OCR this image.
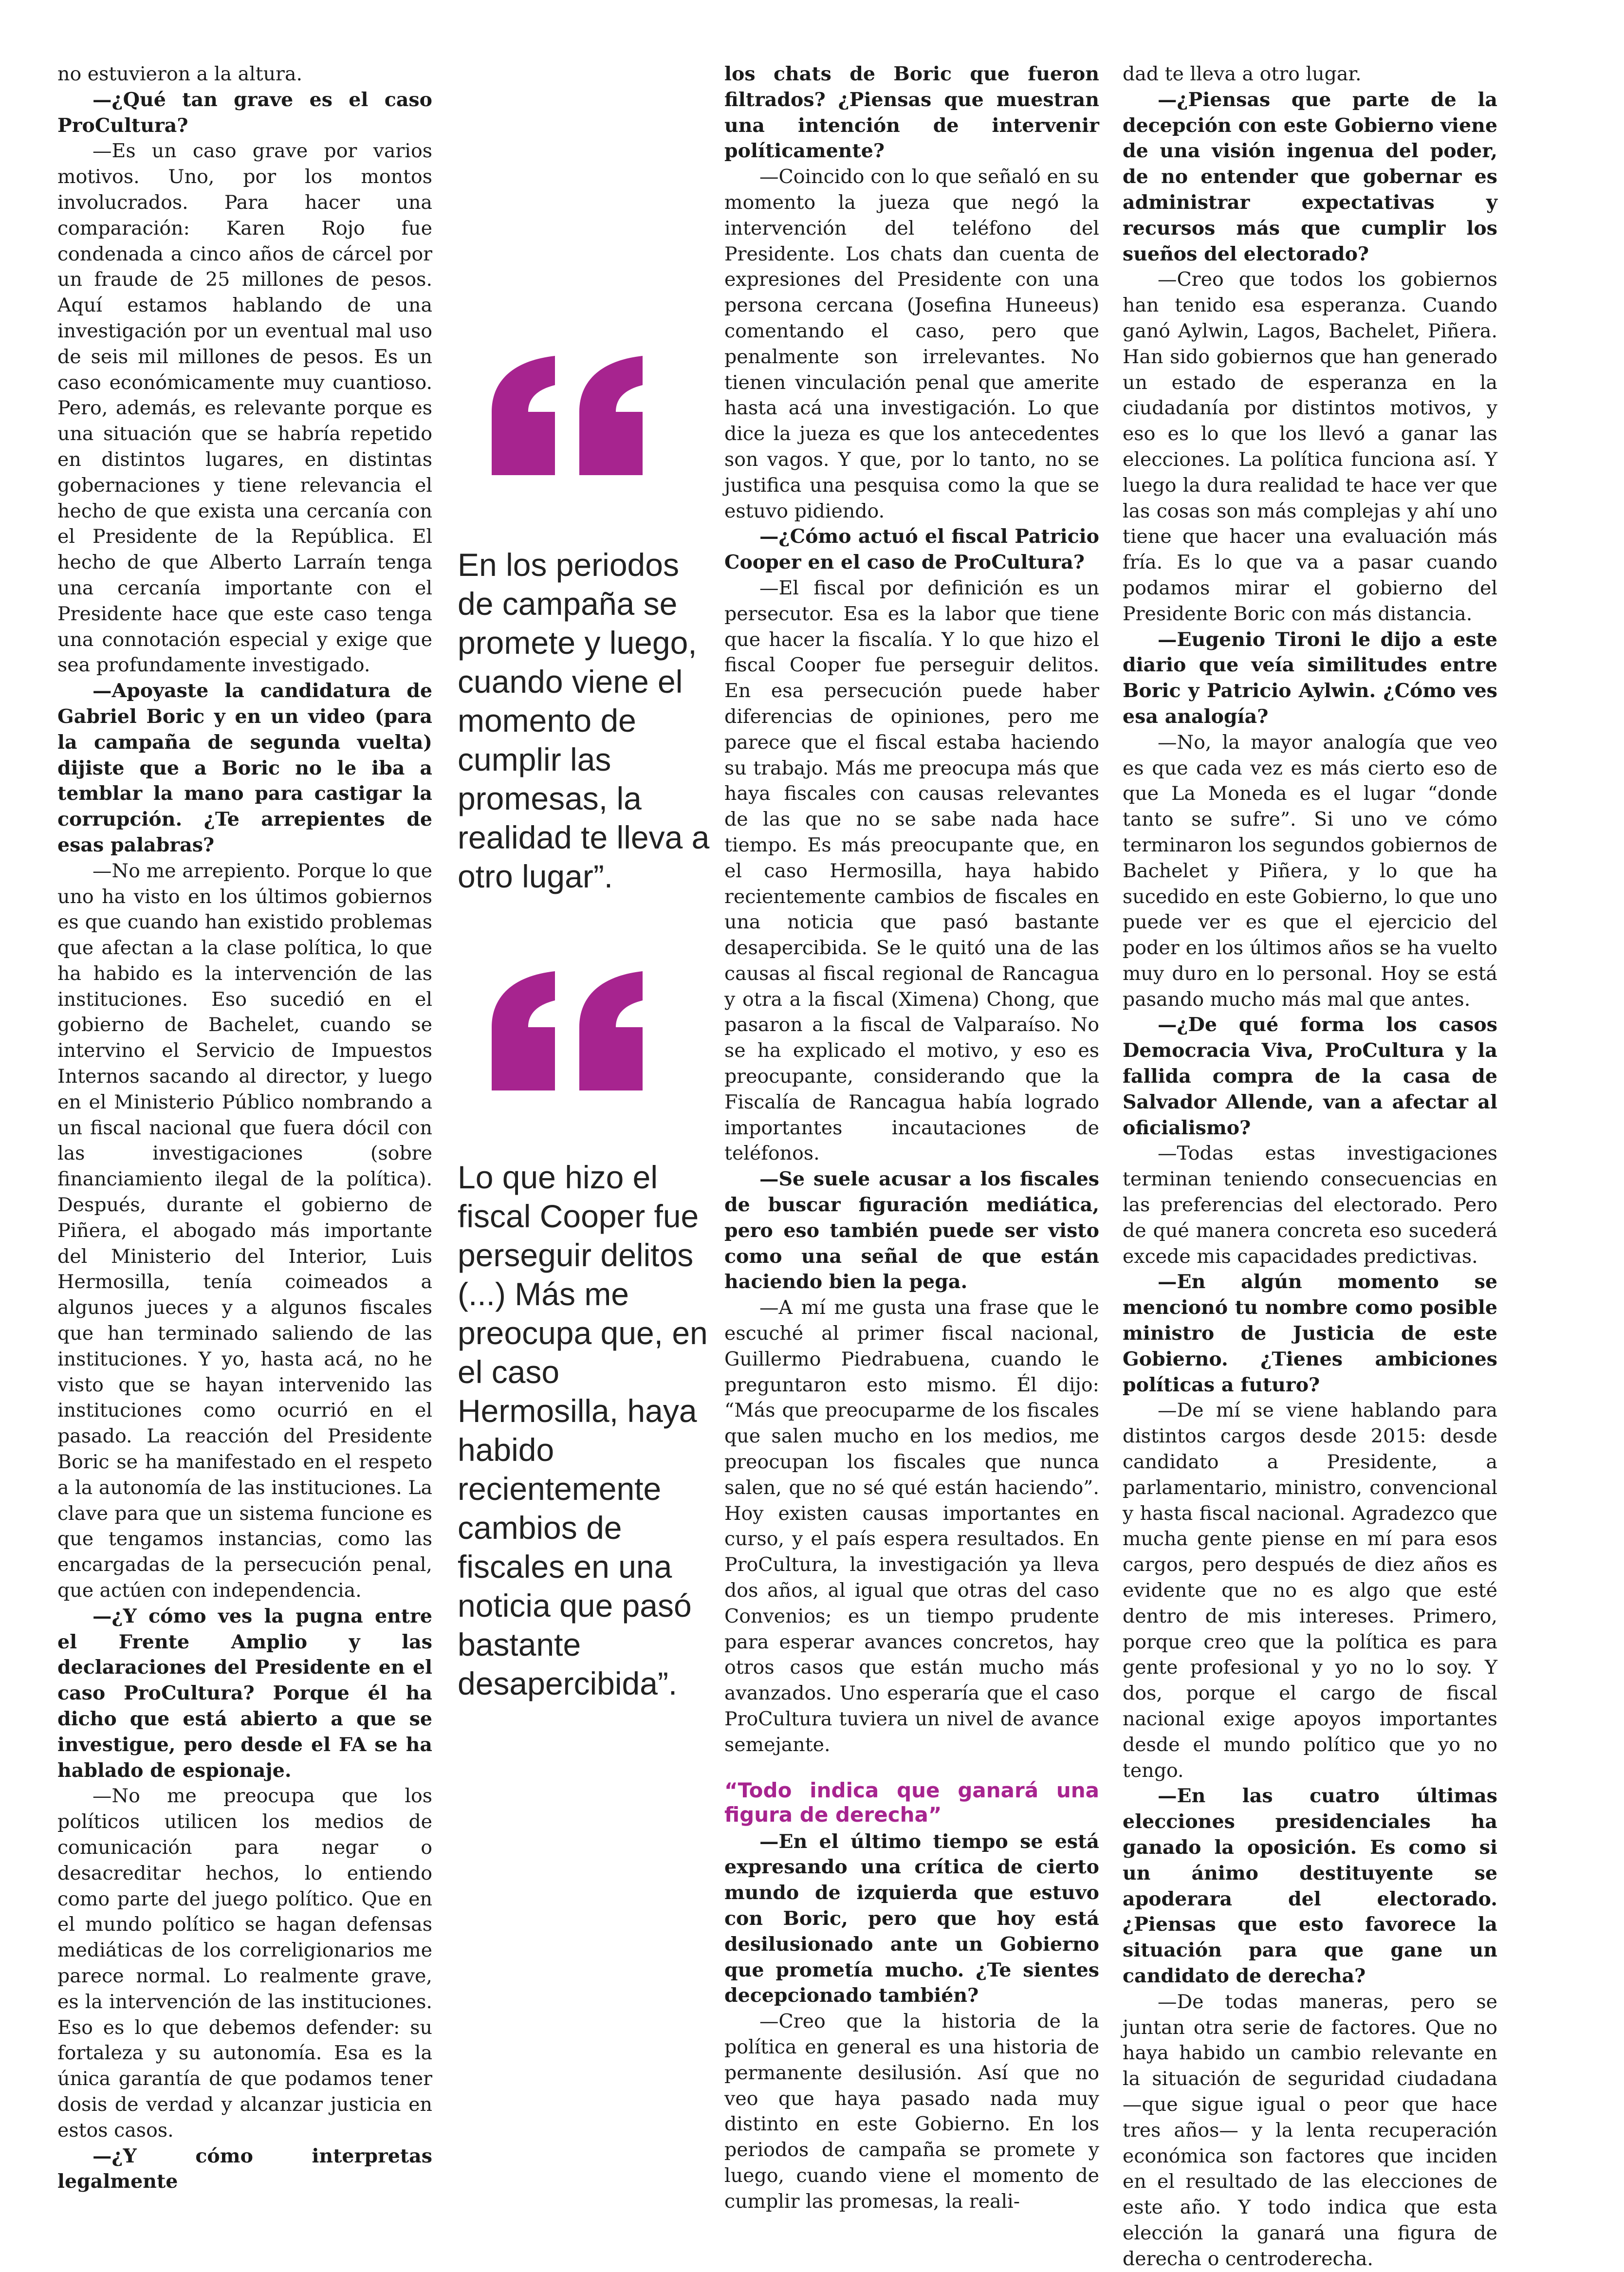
no estuvieron a la altura.

—¿Qué tan grave es el caso ProCultura?

—Es un caso grave por varios motivos. Uno, por los montos involucrados. Para hacer una comparación: Karen Rojo fue condenada a cinco años de cárcel por un fraude de 25 millones de pesos. Aquí estamos hablando de una investigación por un eventual mal uso de seis mil millones de pesos. Es un caso económicamente muy cuantioso. Pero, además, es relevante porque es una situación que se habría repetido en distintos lugares, en distintas gobernaciones y tiene relevancia el hecho de que exista una cercanía con el Presidente de la República. El hecho de que Alberto Larraín tenga una cercanía importante con el Presidente hace que este caso tenga una connotación especial y exige que sea profundamente investigado.

—Apoyaste la candidatura de Gabriel Boric y en un video (para la campaña de segunda vuelta) dijiste que a Boric no le iba a temblar la mano para castigar la corrupción. ¿Te arrepientes de esas palabras?

—No me arrepiento. Porque lo que uno ha visto en los últimos gobiernos es que cuando han existido problemas que afectan a la clase política, lo que ha habido es la intervención de las instituciones. Eso sucedió en el gobierno de Bachelet, cuando se intervino el Servicio de Impuestos Internos sacando al director, y luego en el Ministerio Público nombrando a un fiscal nacional que fuera dócil con las investigaciones (sobre financiamiento ilegal de la política). Después, durante el gobierno de Piñera, el abogado más importante del Ministerio del Interior, Luis Hermosilla, tenía coimeados a algunos jueces y a algunos fiscales que han terminado saliendo de las instituciones. Y yo, hasta acá, no he visto que se hayan intervenido las instituciones como ocurrió en el pasado. La reacción del Presidente Boric se ha manifestado en el respeto a la autonomía de las instituciones. La clave para que un sistema funcione es que tengamos instancias, como las encargadas de la persecución penal, que actúen con independencia.

—¿Y cómo ves la pugna entre el Frente Amplio y las declaraciones del Presidente en el caso ProCultura? Porque él ha dicho que está abierto a que se investigue, pero desde el FA se ha hablado de espionaje.

—No me preocupa que los políticos utilicen los medios de comunicación para negar o desacreditar hechos, lo entiendo como parte del juego político. Que en el mundo político se hagan defensas mediáticas de los correligionarios me parece normal. Lo realmente grave, es la intervención de las instituciones. Eso es lo que debemos defender: su fortaleza y su autonomía. Esa es la única garantía de que podamos tener dosis de verdad y alcanzar justicia en estos casos.

—¿Y cómo interpretas legalmente

En los periodos de campaña se promete y luego, cuando viene el momento de cumplir las promesas, la realidad te lleva a otro lugar”.
Lo que hizo el fiscal Cooper fue perseguir delitos (...) Más me preocupa que, en el caso Hermosilla, haya habido recientemente cambios de fiscales en una noticia que pasó bastante desapercibida”.

los chats de Boric que fueron filtrados? ¿Piensas que muestran una intención de intervenir políticamente?

—Coincido con lo que señaló en su momento la jueza que negó la intervención del teléfono del Presidente. Los chats dan cuenta de expresiones del Presidente con una persona cercana (Josefina Huneeus) comentando el caso, pero que penalmente son irrelevantes. No tienen vinculación penal que amerite hasta acá una investigación. Lo que dice la jueza es que los antecedentes son vagos. Y que, por lo tanto, no se justifica una pesquisa como la que se estuvo pidiendo.

—¿Cómo actuó el fiscal Patricio Cooper en el caso de ProCultura?

—El fiscal por definición es un persecutor. Esa es la labor que tiene que hacer la fiscalía. Y lo que hizo el fiscal Cooper fue perseguir delitos. En esa persecución puede haber diferencias de opiniones, pero me parece que el fiscal estaba haciendo su trabajo. Más me preocupa más que haya fiscales con causas relevantes de las que no se sabe nada hace tiempo. Es más preocupante que, en el caso Hermosilla, haya habido recientemente cambios de fiscales en una noticia que pasó bastante desapercibida. Se le quitó una de las causas al fiscal regional de Rancagua y otra a la fiscal (Ximena) Chong, que pasaron a la fiscal de Valparaíso. No se ha explicado el motivo, y eso es preocupante, considerando que la Fiscalía de Rancagua había logrado importantes incautaciones de teléfonos.

—Se suele acusar a los fiscales de buscar figuración mediática, pero eso también puede ser visto como una señal de que están haciendo bien la pega.

—A mí me gusta una frase que le escuché al primer fiscal nacional, Guillermo Piedrabuena, cuando le preguntaron esto mismo. Él dijo: “Más que preocuparme de los fiscales que salen mucho en los medios, me preocupan los fiscales que nunca salen, que no sé qué están haciendo”. Hoy existen causas importantes en curso, y el país espera resultados. En ProCultura, la investigación ya lleva dos años, al igual que otras del caso Convenios; es un tiempo prudente para esperar avances concretos, hay otros casos que están mucho más avanzados. Uno esperaría que el caso ProCultura tuviera un nivel de avance semejante.

“Todo indica que ganará una figura de derecha”

—En el último tiempo se está expresando una crítica de cierto mundo de izquierda que estuvo con Boric, pero que hoy está desilusionado ante un Gobierno que prometía mucho. ¿Te sientes decepcionado también?

—Creo que la historia de la política en general es una historia de permanente desilusión. Así que no veo que haya pasado nada muy distinto en este Gobierno. En los periodos de campaña se promete y luego, cuando viene el momento de cumplir las promesas, la reali-

dad te lleva a otro lugar.

—¿Piensas que parte de la decepción con este Gobierno viene de una visión ingenua del poder, de no entender que gobernar es administrar expectativas y recursos más que cumplir los sueños del electorado?

—Creo que todos los gobiernos han tenido esa esperanza. Cuando ganó Aylwin, Lagos, Bachelet, Piñera. Han sido gobiernos que han generado un estado de esperanza en la ciudadanía por distintos motivos, y eso es lo que los llevó a ganar las elecciones. La política funciona así. Y luego la dura realidad te hace ver que las cosas son más complejas y ahí uno tiene que hacer una evaluación más fría. Es lo que va a pasar cuando podamos mirar el gobierno del Presidente Boric con más distancia.

—Eugenio Tironi le dijo a este diario que veía similitudes entre Boric y Patricio Aylwin. ¿Cómo ves esa analogía?

—No, la mayor analogía que veo es que cada vez es más cierto eso de que La Moneda es el lugar “donde tanto se sufre”. Si uno ve cómo terminaron los segundos gobiernos de Bachelet y Piñera, y lo que ha sucedido en este Gobierno, lo que uno puede ver es que el ejercicio del poder en los últimos años se ha vuelto muy duro en lo personal. Hoy se está pasando mucho más mal que antes.

—¿De qué forma los casos Democracia Viva, ProCultura y la fallida compra de la casa de Salvador Allende, van a afectar al oficialismo?

—Todas estas investigaciones terminan teniendo consecuencias en las preferencias del electorado. Pero de qué manera concreta eso sucederá excede mis capacidades predictivas.

—En algún momento se mencionó tu nombre como posible ministro de Justicia de este Gobierno. ¿Tienes ambiciones políticas a futuro?

—De mí se viene hablando para distintos cargos desde 2015: desde candidato a Presidente, a parlamentario, ministro, convencional y hasta fiscal nacional. Agradezco que mucha gente piense en mí para esos cargos, pero después de diez años es evidente que no es algo que esté dentro de mis intereses. Primero, porque creo que la política es para gente profesional y yo no lo soy. Y dos, porque el cargo de fiscal nacional exige apoyos importantes desde el mundo político que yo no tengo.

—En las cuatro últimas elecciones presidenciales ha ganado la oposición. Es como si un ánimo destituyente se apoderara del electorado. ¿Piensas que esto favorece la situación para que gane un candidato de derecha?

—De todas maneras, pero se juntan otra serie de factores. Que no haya habido un cambio relevante en la situación de seguridad ciudadana —que sigue igual o peor que hace tres años— y la lenta recuperación económica son factores que inciden en el resultado de las elecciones de este año. Y todo indica que esta elección la ganará una figura de derecha o centroderecha.
